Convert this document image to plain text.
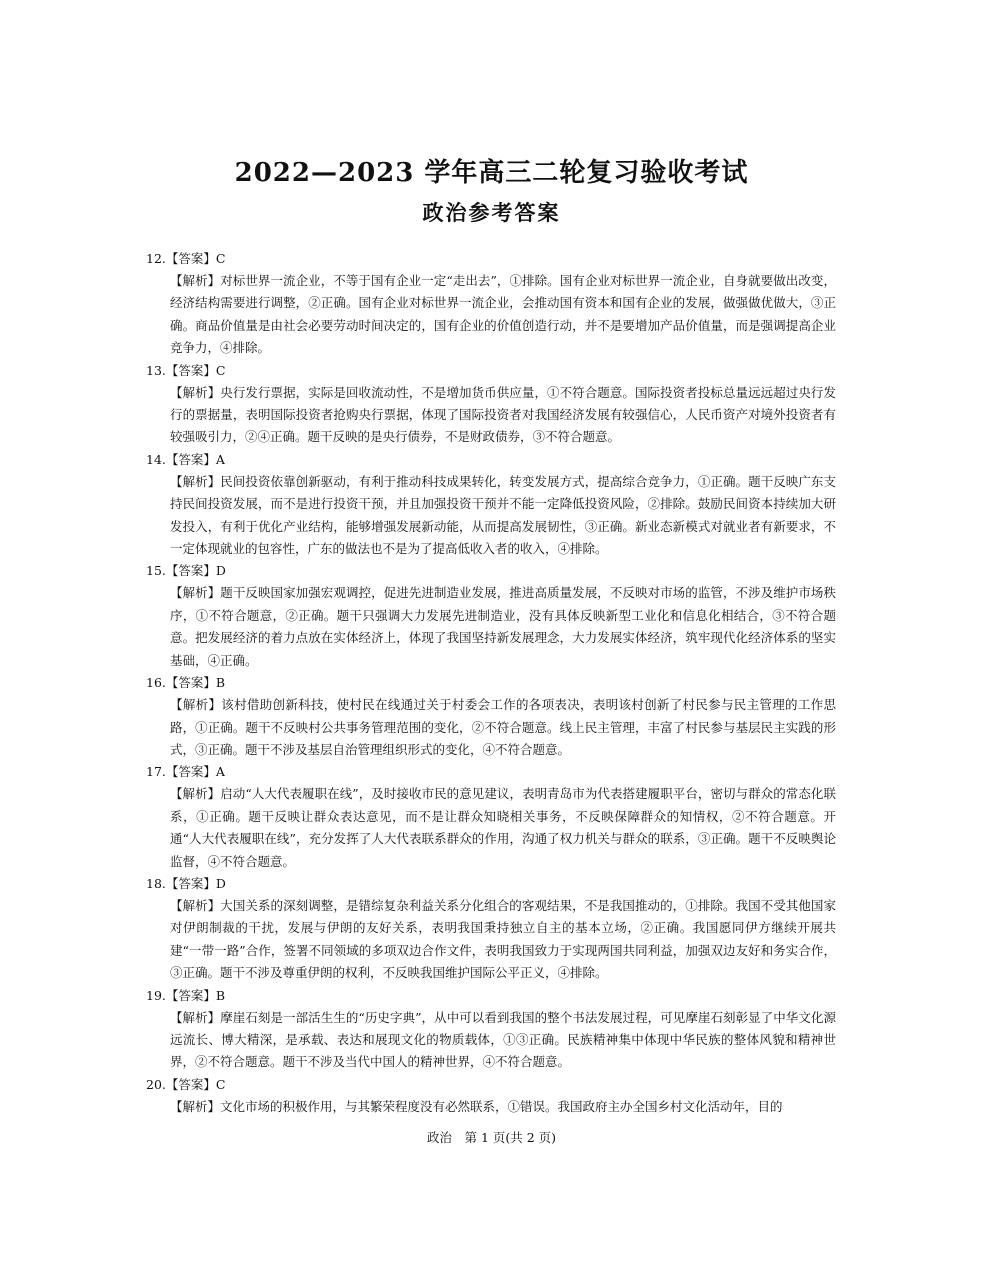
2022—2023 学年高三二轮复习验收考试
政治参考答案
12.【答案】C
【解析】对标世界一流企业，不等于国有企业一定“走出去”，①排除。国有企业对标世界一流企业，自身就要做出改变，经济结构需要进行调整，②正确。国有企业对标世界一流企业，会推动国有资本和国有企业的发展，做强做优做大，③正确。商品价值量是由社会必要劳动时间决定的，国有企业的价值创造行动，并不是要增加产品价值量，而是强调提高企业竞争力，④排除。
13.【答案】C
【解析】央行发行票据，实际是回收流动性，不是增加货币供应量，①不符合题意。国际投资者投标总量远远超过央行发行的票据量，表明国际投资者抢购央行票据，体现了国际投资者对我国经济发展有较强信心，人民币资产对境外投资者有较强吸引力，②④正确。题干反映的是央行债券，不是财政债券，③不符合题意。
14.【答案】A
【解析】民间投资依靠创新驱动，有利于推动科技成果转化，转变发展方式，提高综合竞争力，①正确。题干反映广东支持民间投资发展，而不是进行投资干预，并且加强投资干预并不能一定降低投资风险，②排除。鼓励民间资本持续加大研发投入，有利于优化产业结构，能够增强发展新动能，从而提高发展韧性，③正确。新业态新模式对就业者有新要求，不一定体现就业的包容性，广东的做法也不是为了提高低收入者的收入，④排除。
15.【答案】D
【解析】题干反映国家加强宏观调控，促进先进制造业发展，推进高质量发展，不反映对市场的监管，不涉及维护市场秩序，①不符合题意，②正确。题干只强调大力发展先进制造业，没有具体反映新型工业化和信息化相结合，③不符合题意。把发展经济的着力点放在实体经济上，体现了我国坚持新发展理念，大力发展实体经济，筑牢现代化经济体系的坚实基础，④正确。
16.【答案】B
【解析】该村借助创新科技，使村民在线通过关于村委会工作的各项表决，表明该村创新了村民参与民主管理的工作思路，①正确。题干不反映村公共事务管理范围的变化，②不符合题意。线上民主管理，丰富了村民参与基层民主实践的形式，③正确。题干不涉及基层自治管理组织形式的变化，④不符合题意。
17.【答案】A
【解析】启动“人大代表履职在线”，及时接收市民的意见建议，表明青岛市为代表搭建履职平台，密切与群众的常态化联系，①正确。题干反映让群众表达意见，而不是让群众知晓相关事务，不反映保障群众的知情权，②不符合题意。开通“人大代表履职在线”，充分发挥了人大代表联系群众的作用，沟通了权力机关与群众的联系，③正确。题干不反映舆论监督，④不符合题意。
18.【答案】D
【解析】大国关系的深刻调整，是错综复杂利益关系分化组合的客观结果，不是我国推动的，①排除。我国不受其他国家对伊朗制裁的干扰，发展与伊朗的友好关系，表明我国秉持独立自主的基本立场，②正确。我国愿同伊方继续开展共建“一带一路”合作，签署不同领域的多项双边合作文件，表明我国致力于实现两国共同利益，加强双边友好和务实合作，③正确。题干不涉及尊重伊朗的权利，不反映我国维护国际公平正义，④排除。
19.【答案】B
【解析】摩崖石刻是一部活生生的“历史字典”，从中可以看到我国的整个书法发展过程，可见摩崖石刻彰显了中华文化源远流长、博大精深，是承载、表达和展现文化的物质载体，①③正确。民族精神集中体现中华民族的整体风貌和精神世界，②不符合题意。题干不涉及当代中国人的精神世界，④不符合题意。
20.【答案】C
【解析】文化市场的积极作用，与其繁荣程度没有必然联系，①错误。我国政府主办全国乡村文化活动年，目的
政治　第 1 页(共 2 页)
